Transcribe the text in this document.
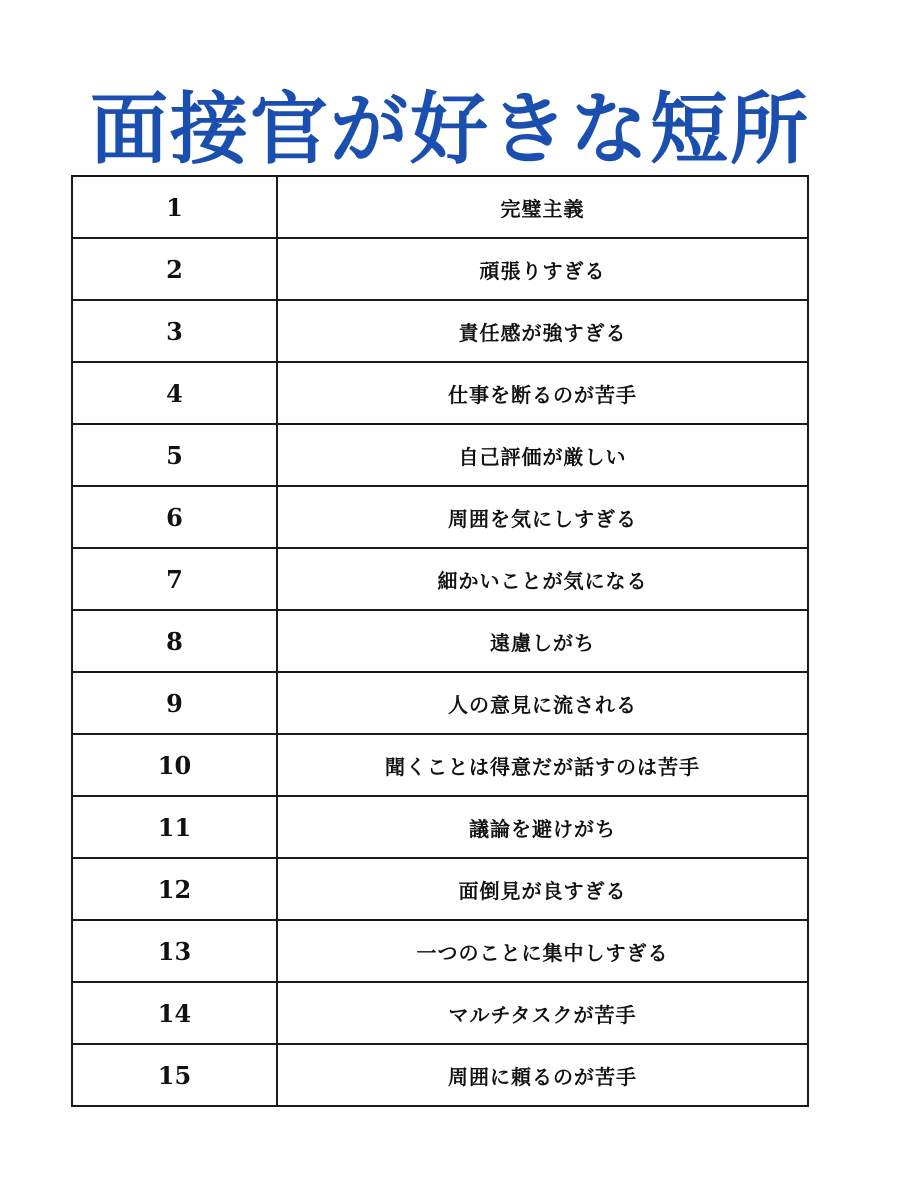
面接官が好きな短所
1	完璧主義
2	頑張りすぎる
3	責任感が強すぎる
4	仕事を断るのが苦手
5	自己評価が厳しい
6	周囲を気にしすぎる
7	細かいことが気になる
8	遠慮しがち
9	人の意見に流される
10	聞くことは得意だが話すのは苦手
11	議論を避けがち
12	面倒見が良すぎる
13	一つのことに集中しすぎる
14	マルチタスクが苦手
15	周囲に頼るのが苦手
